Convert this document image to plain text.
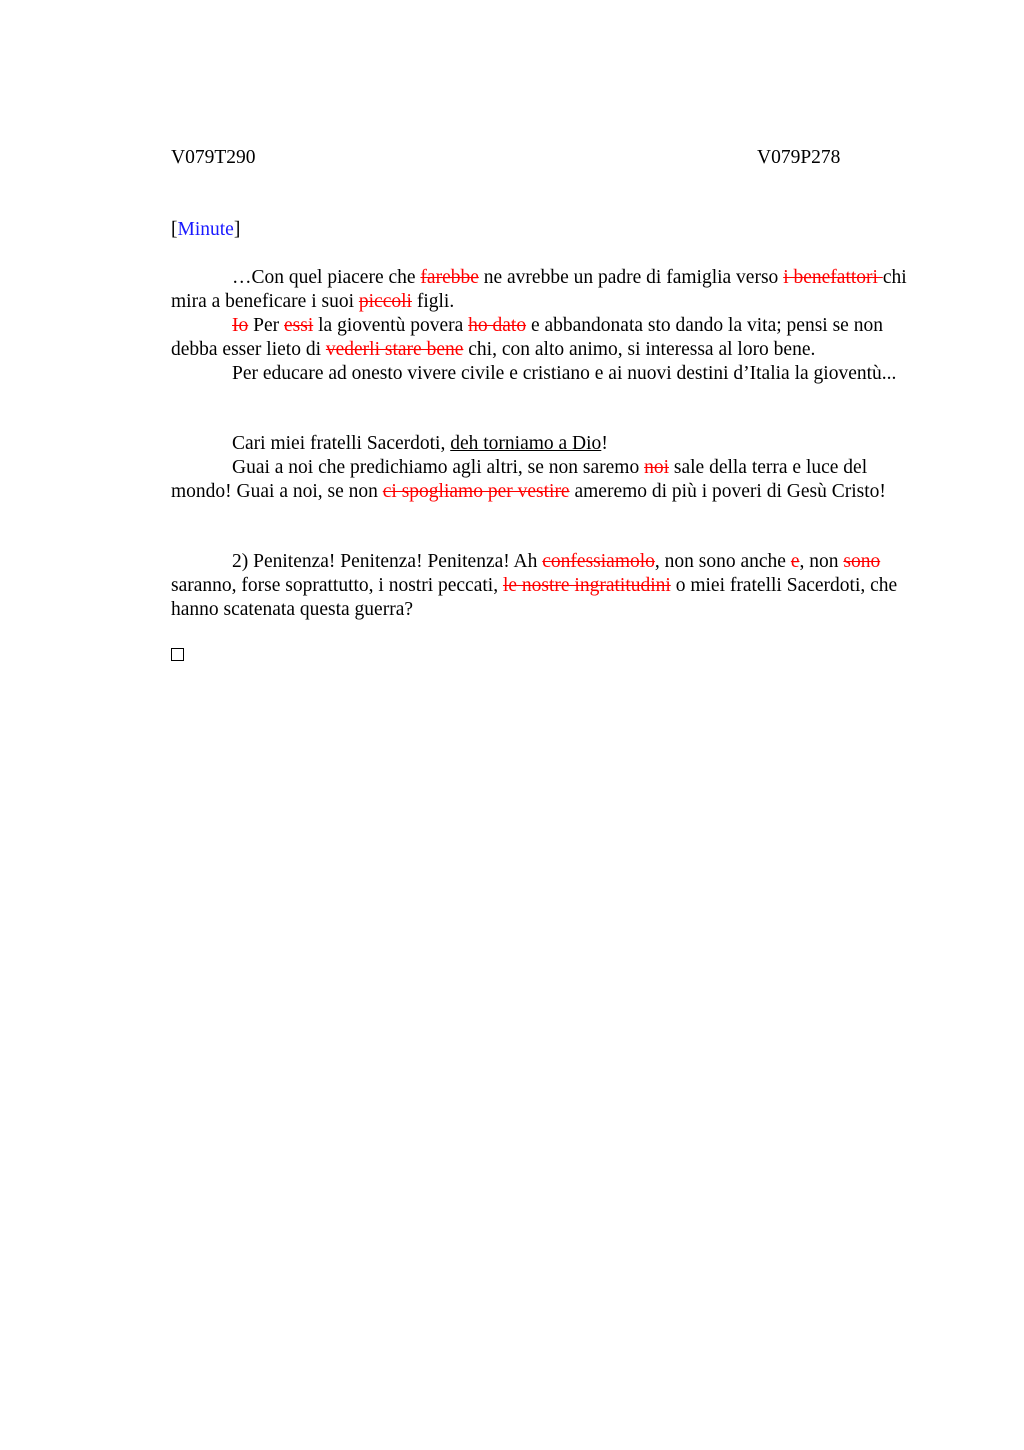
V079T290	V079P278
[Minute]

…Con quel piacere che farebbe ne avrebbe un padre di famiglia verso i benefattori chi mira a beneficare i suoi piccoli figli.

Io Per essi la gioventù povera ho dato e abbandonata sto dando la vita; pensi se non debba esser lieto di vederli stare bene chi, con alto animo, si interessa al loro bene.

Per educare ad onesto vivere civile e cristiano e ai nuovi destini d’Italia la gioventù...

Cari miei fratelli Sacerdoti, deh torniamo a Dio!

Guai a noi che predichiamo agli altri, se non saremo noi sale della terra e luce del mondo! Guai a noi, se non ci spogliamo per vestire ameremo di più i poveri di Gesù Cristo!

2) Penitenza! Penitenza! Penitenza! Ah confessiamolo, non sono anche e, non sono saranno, forse soprattutto, i nostri peccati, le nostre ingratitudini o miei fratelli Sacerdoti, che hanno scatenata questa guerra?
